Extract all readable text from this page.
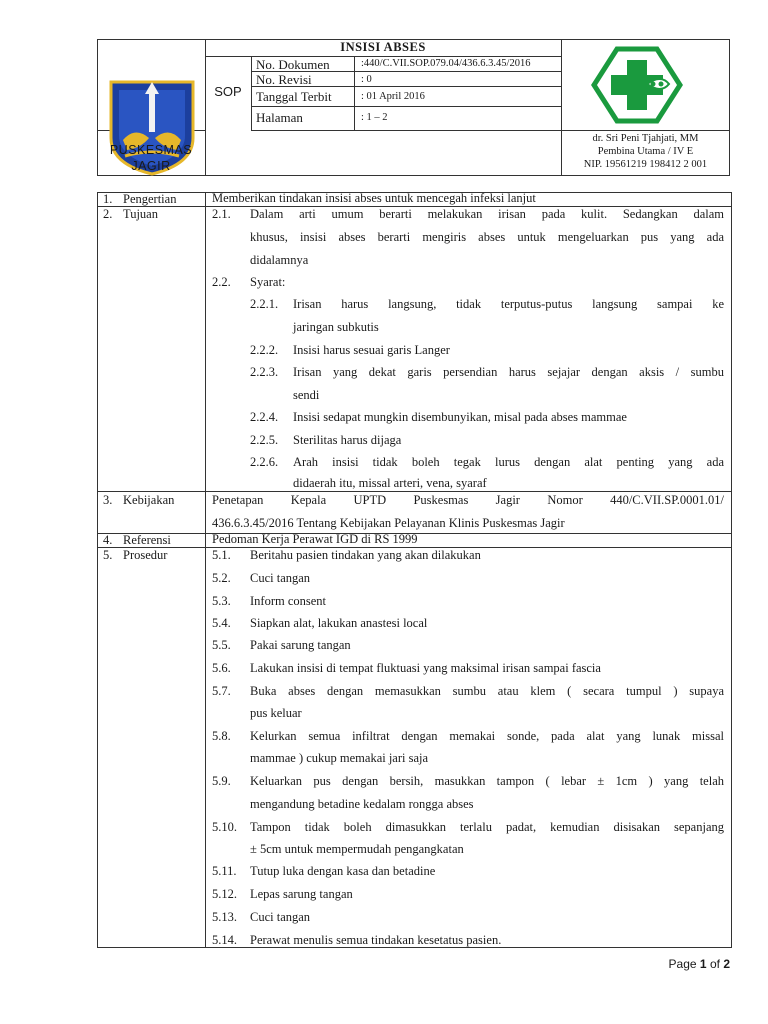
PUSKESMAS
JAGIR
INSISI ABSES
SOP
No. Dokumen	:440/C.VII.SOP.079.04/436.6.3.45/2016
No. Revisi	: 0
Tanggal Terbit	: 01 April 2016
Halaman	: 1 – 2
dr. Sri Peni Tjahjati, MM
Pembina Utama / IV E
NIP. 19561219 198412 2 001
1. Pengertian	Memberikan tindakan insisi abses untuk mencegah infeksi lanjut
2. Tujuan	2.1. Dalam arti umum berarti melakukan irisan pada kulit. Sedangkan dalam
khusus, insisi abses berarti mengiris abses untuk mengeluarkan pus yang ada
didalamnya
2.2. Syarat:
2.2.1. Irisan harus langsung, tidak terputus-putus langsung sampai ke
jaringan subkutis
2.2.2. Insisi harus sesuai garis Langer
2.2.3. Irisan yang dekat garis persendian harus sejajar dengan aksis / sumbu
sendi
2.2.4. Insisi sedapat mungkin disembunyikan, misal pada abses mammae
2.2.5. Sterilitas harus dijaga
2.2.6. Arah insisi tidak boleh tegak lurus dengan alat penting yang ada
didaerah itu, missal arteri, vena, syaraf
3. Kebijakan	Penetapan Kepala UPTD Puskesmas Jagir Nomor 440/C.VII.SP.0001.01/
436.6.3.45/2016 Tentang Kebijakan Pelayanan Klinis Puskesmas Jagir
4. Referensi	Pedoman Kerja Perawat IGD di RS 1999
5. Prosedur	5.1. Beritahu pasien tindakan yang akan dilakukan
5.2. Cuci tangan
5.3. Inform consent
5.4. Siapkan alat, lakukan anastesi local
5.5. Pakai sarung tangan
5.6. Lakukan insisi di tempat fluktuasi yang maksimal irisan sampai fascia
5.7. Buka abses dengan memasukkan sumbu atau klem ( secara tumpul ) supaya
pus keluar
5.8. Kelurkan semua infiltrat dengan memakai sonde, pada alat yang lunak missal
mammae ) cukup memakai jari saja
5.9. Keluarkan pus dengan bersih, masukkan tampon ( lebar ± 1cm ) yang telah
mengandung betadine kedalam rongga abses
5.10. Tampon tidak boleh dimasukkan terlalu padat, kemudian disisakan sepanjang
± 5cm untuk mempermudah pengangkatan
5.11. Tutup luka dengan kasa dan betadine
5.12. Lepas sarung tangan
5.13. Cuci tangan
5.14. Perawat menulis semua tindakan kesetatus pasien.
Page 1 of 2
